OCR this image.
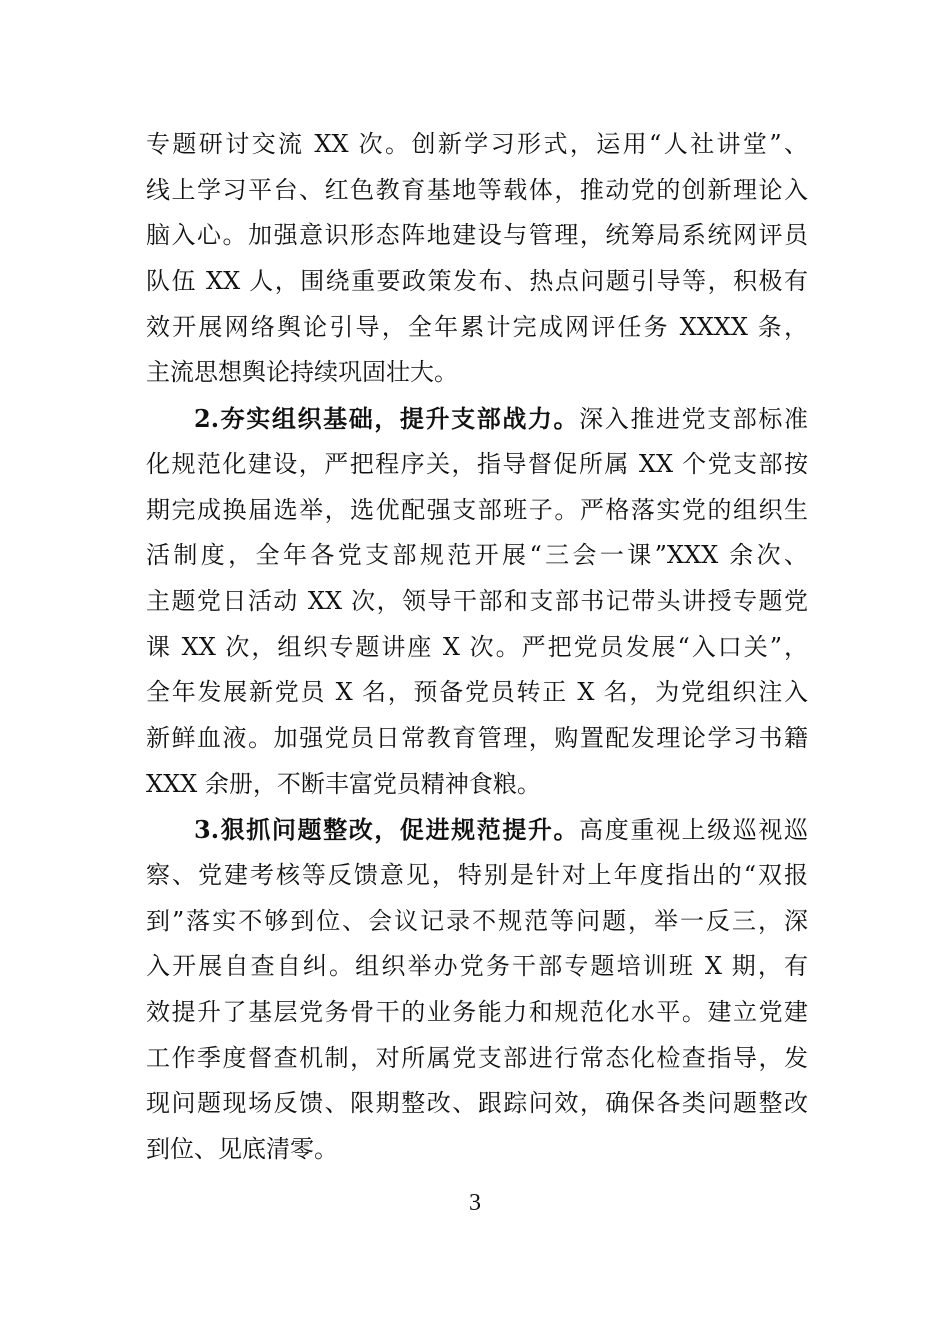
专题研讨交流 XX 次。创新学习形式，运用“人社讲堂”、
线上学习平台、红色教育基地等载体，推动党的创新理论入
脑入心。加强意识形态阵地建设与管理，统筹局系统网评员
队伍 XX 人，围绕重要政策发布、热点问题引导等，积极有
效开展网络舆论引导，全年累计完成网评任务 XXXX 条，
主流思想舆论持续巩固壮大。
2.夯实组织基础，提升支部战力。深入推进党支部标准
化规范化建设，严把程序关，指导督促所属 XX 个党支部按
期完成换届选举，选优配强支部班子。严格落实党的组织生
活制度，全年各党支部规范开展“三会一课”XXX 余次、
主题党日活动 XX 次，领导干部和支部书记带头讲授专题党
课 XX 次，组织专题讲座 X 次。严把党员发展“入口关”，
全年发展新党员 X 名，预备党员转正 X 名，为党组织注入
新鲜血液。加强党员日常教育管理，购置配发理论学习书籍
XXX 余册，不断丰富党员精神食粮。
3.狠抓问题整改，促进规范提升。高度重视上级巡视巡
察、党建考核等反馈意见，特别是针对上年度指出的“双报
到”落实不够到位、会议记录不规范等问题，举一反三，深
入开展自查自纠。组织举办党务干部专题培训班 X 期，有
效提升了基层党务骨干的业务能力和规范化水平。建立党建
工作季度督查机制，对所属党支部进行常态化检查指导，发
现问题现场反馈、限期整改、跟踪问效，确保各类问题整改
到位、见底清零。
3
